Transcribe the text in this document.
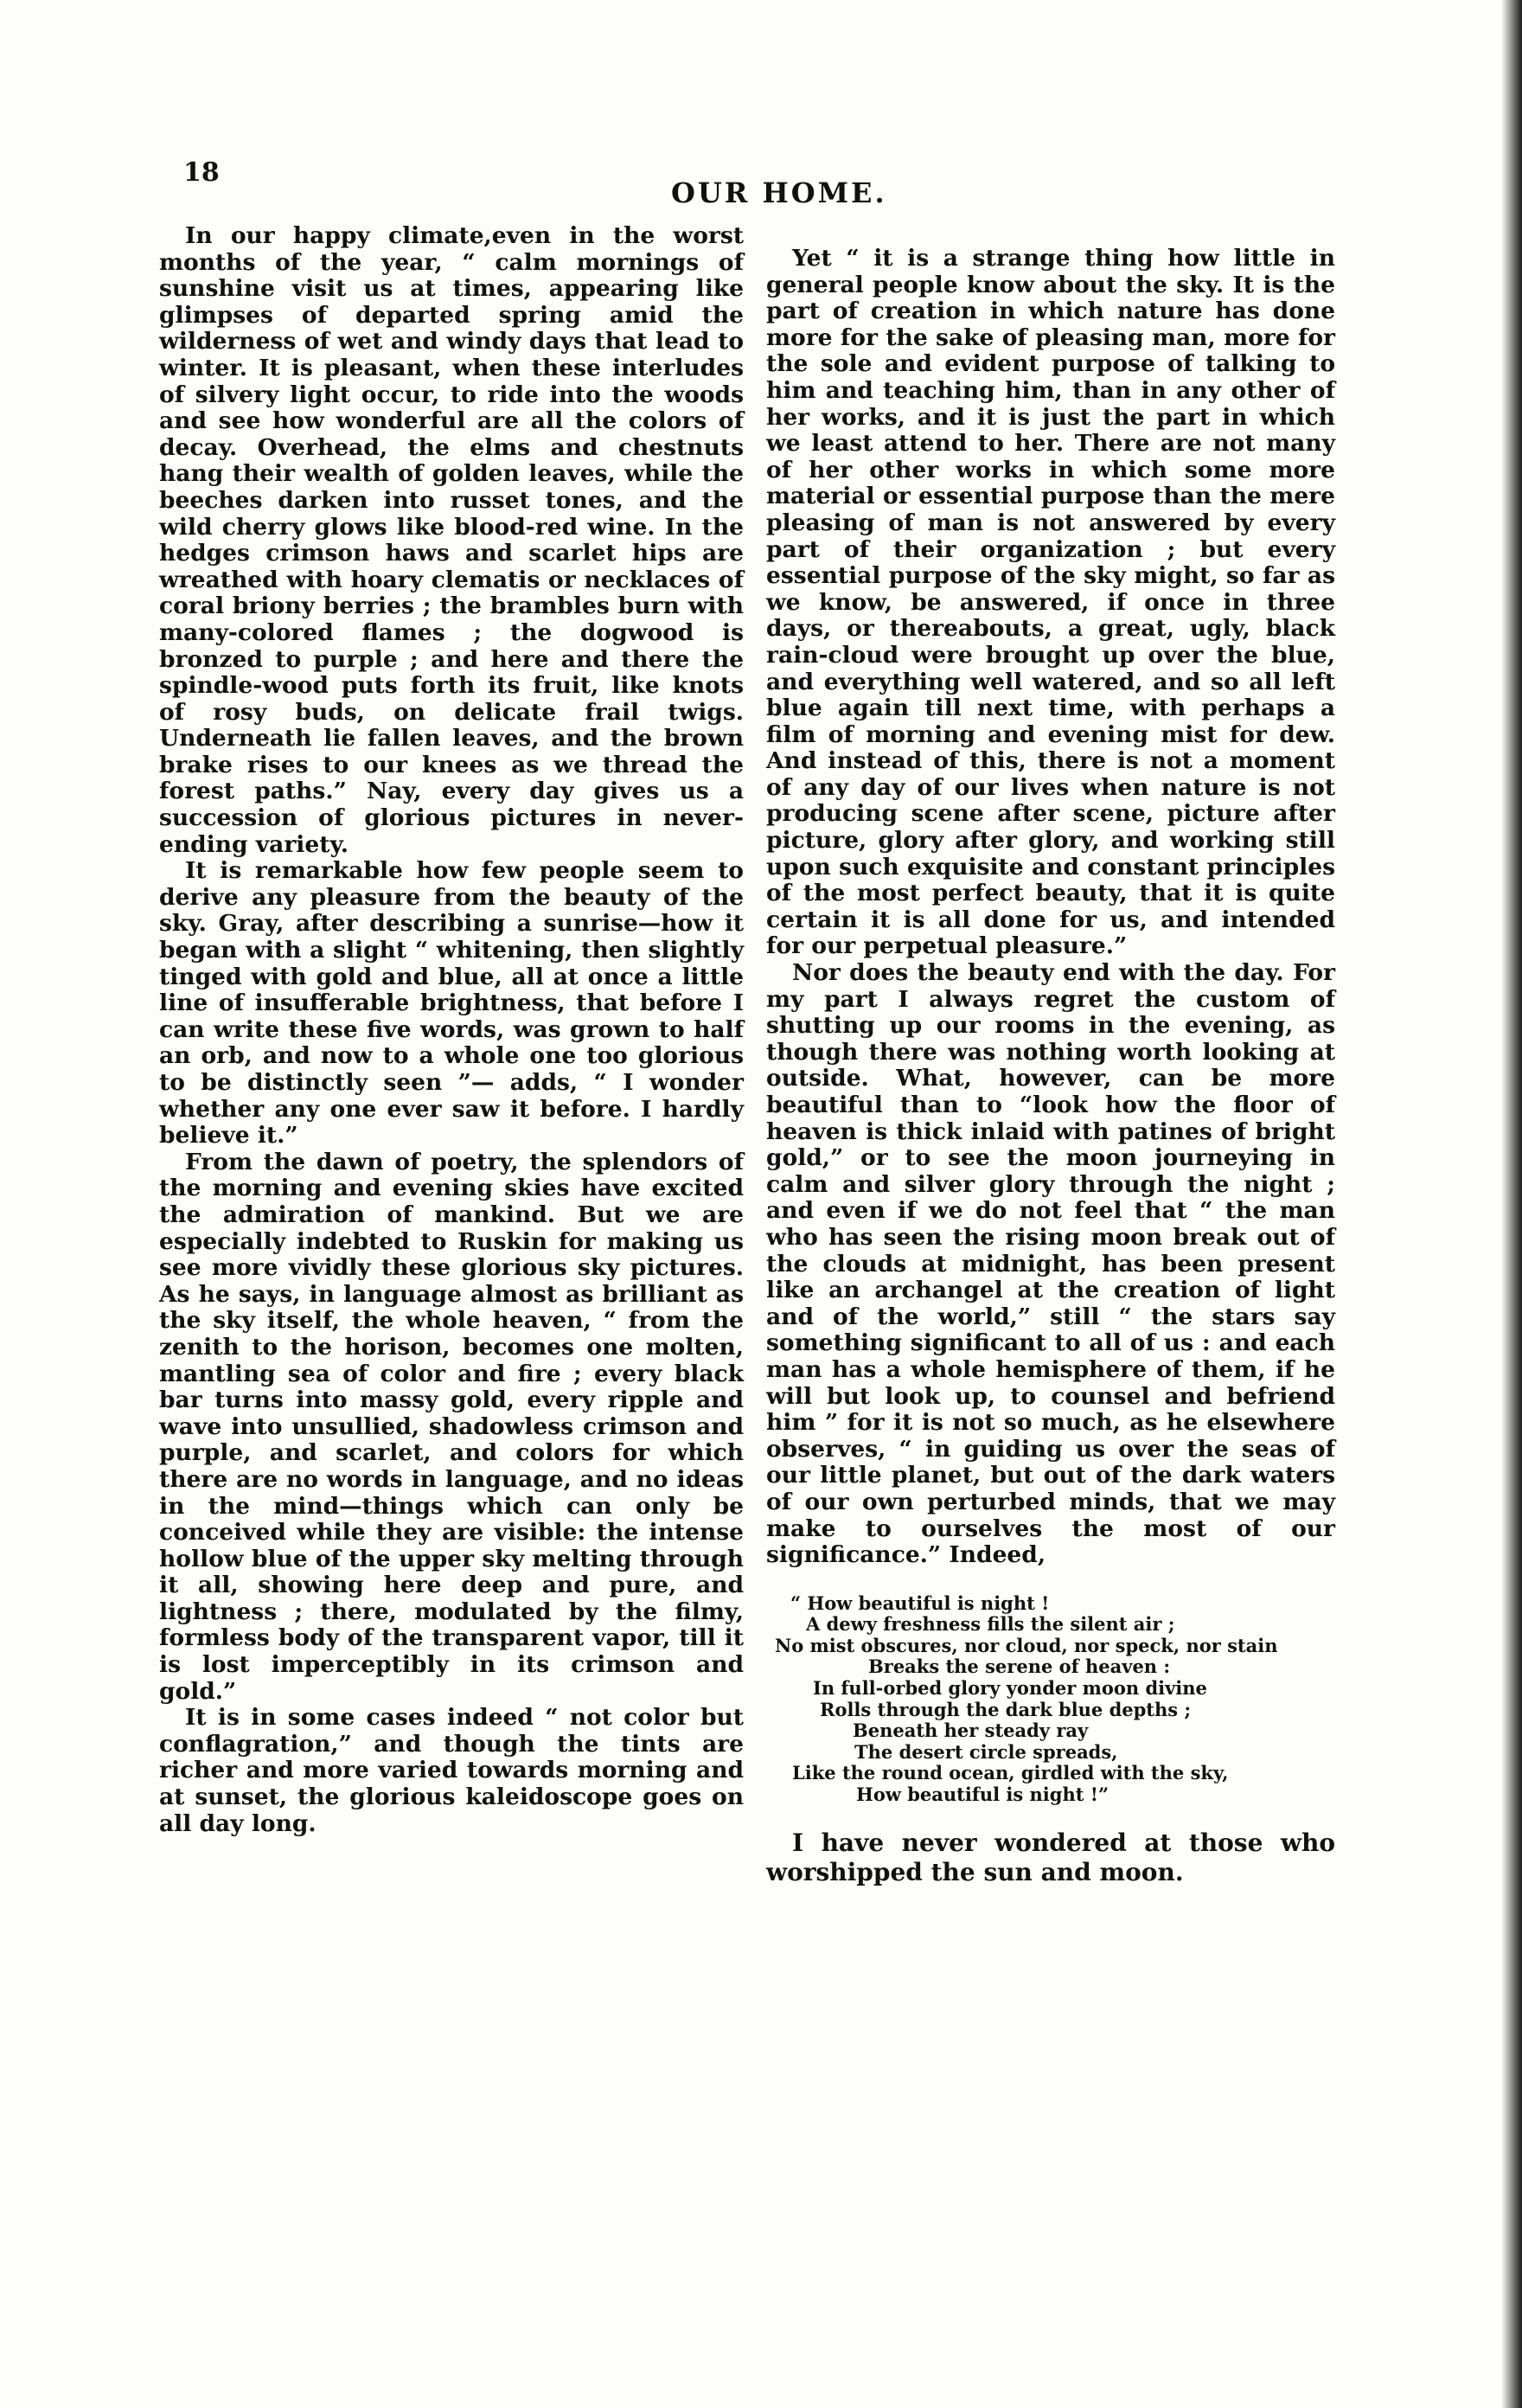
18
OUR HOME.

In our happy climate,even in the worst months of the year, “ calm mornings of sunshine visit us at times, appearing like glimpses of departed spring amid the wilderness of wet and windy days that lead to winter. It is pleasant, when these interludes of silvery light occur, to ride into the woods and see how wonderful are all the colors of decay. Overhead, the elms and chestnuts hang their wealth of golden leaves, while the beeches darken into russet tones, and the wild cherry glows like blood-red wine. In the hedges crimson haws and scarlet hips are wreathed with hoary clematis or necklaces of coral briony berries ; the brambles burn with many-colored flames ; the dogwood is bronzed to purple ; and here and there the spindle-wood puts forth its fruit, like knots of rosy buds, on delicate frail twigs. Underneath lie fallen leaves, and the brown brake rises to our knees as we thread the forest paths.” Nay, every day gives us a succession of glorious pictures in never-ending variety.

It is remarkable how few people seem to derive any pleasure from the beauty of the sky. Gray, after describing a sunrise—how it began with a slight “ whitening, then slightly tinged with gold and blue, all at once a little line of insufferable brightness, that before I can write these five words, was grown to half an orb, and now to a whole one too glorious to be distinctly seen ”— adds, “ I wonder whether any one ever saw it before. I hardly believe it.”

From the dawn of poetry, the splendors of the morning and evening skies have excited the admiration of mankind. But we are especially indebted to Ruskin for making us see more vividly these glorious sky pictures. As he says, in language almost as brilliant as the sky itself, the whole heaven, “ from the zenith to the horison, becomes one molten, mantling sea of color and fire ; every black bar turns into massy gold, every ripple and wave into unsullied, shadowless crimson and purple, and scarlet, and colors for which there are no words in language, and no ideas in the mind—things which can only be conceived while they are visible: the intense hollow blue of the upper sky melting through it all, showing here deep and pure, and lightness ; there, modulated by the filmy, formless body of the transparent vapor, till it is lost imperceptibly in its crimson and gold.”

It is in some cases indeed “ not color but conflagration,” and though the tints are richer and more varied towards morning and at sunset, the glorious kaleidoscope goes on all day long.

Yet “ it is a strange thing how little in general people know about the sky. It is the part of creation in which nature has done more for the sake of pleasing man, more for the sole and evident purpose of talking to him and teaching him, than in any other of her works, and it is just the part in which we least attend to her. There are not many of her other works in which some more material or essential purpose than the mere pleasing of man is not answered by every part of their organization ; but every essential purpose of the sky might, so far as we know, be answered, if once in three days, or thereabouts, a great, ugly, black rain-cloud were brought up over the blue, and everything well watered, and so all left blue again till next time, with perhaps a film of morning and evening mist for dew. And instead of this, there is not a moment of any day of our lives when nature is not producing scene after scene, picture after picture, glory after glory, and working still upon such exquisite and constant principles of the most perfect beauty, that it is quite certain it is all done for us, and intended for our perpetual pleasure.”

Nor does the beauty end with the day. For my part I always regret the custom of shutting up our rooms in the evening, as though there was nothing worth looking at outside. What, however, can be more beautiful than to “look how the floor of heaven is thick inlaid with patines of bright gold,” or to see the moon journeying in calm and silver glory through the night ; and even if we do not feel that “ the man who has seen the rising moon break out of the clouds at midnight, has been present like an archangel at the creation of light and of the world,” still “ the stars say something significant to all of us : and each man has a whole hemisphere of them, if he will but look up, to counsel and befriend him ” for it is not so much, as he elsewhere observes, “ in guiding us over the seas of our little planet, but out of the dark waters of our own perturbed minds, that we may make to ourselves the most of our significance.” Indeed,

“ How beautiful is night !
A dewy freshness fills the silent air ;
No mist obscures, nor cloud, nor speck, nor stain
Breaks the serene of heaven :
In full-orbed glory yonder moon divine
Rolls through the dark blue depths ;
Beneath her steady ray
The desert circle spreads,
Like the round ocean, girdled with the sky,
How beautiful is night !”

I have never wondered at those who worshipped the sun and moon.
